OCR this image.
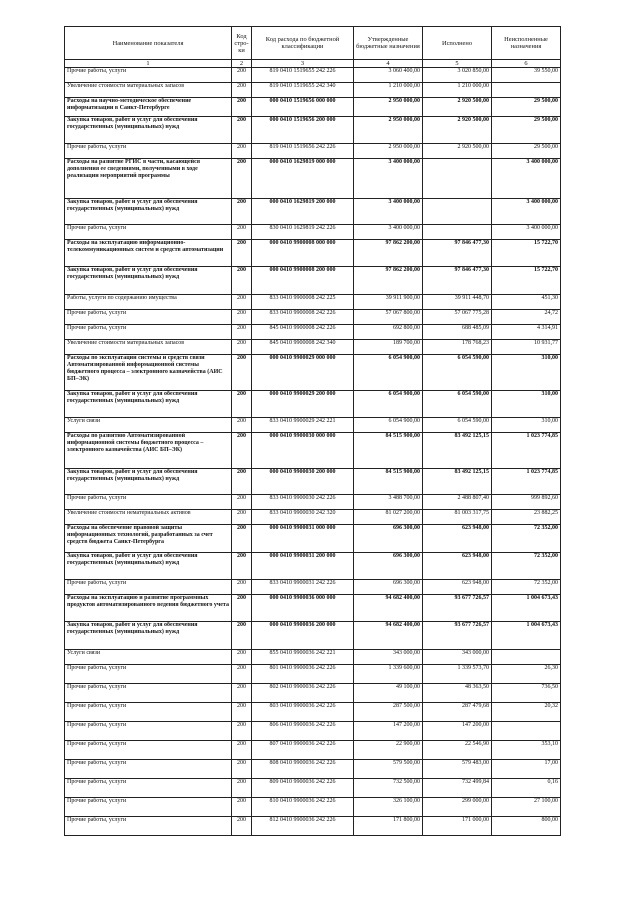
Наименование показателя	Код стро-ки	Код расхода по бюджетной классификации	Утвержденные бюджетные назначения	Исполнено	Неисполненные назначения
1	2	3	4	5	6
Прочие работы, услуги	200	819 0410 1519655 242 226	3 060 400,00	3 020 850,00	39 550,00
Увеличение стоимости материальных запасов	200	819 0410 1519655 242 340	1 210 000,00	1 210 000,00	
Расходы на научно-методическое обеспечение информатизации в Санкт-Петербурге	200	000 0410 1519656 000 000	2 950 000,00	2 920 500,00	29 500,00
Закупка товаров, работ и услуг для обеспечения государственных (муниципальных) нужд	200	000 0410 1519656 200 000	2 950 000,00	2 920 500,00	29 500,00
Прочие работы, услуги	200	819 0410 1519656 242 226	2 950 000,00	2 920 500,00	29 500,00
Расходы на развитие РГИС в части, касающейся дополнения ее сведениями, полученными в ходе реализации мероприятий программы	200	000 0410 1629819 000 000	3 400 000,00		3 400 000,00
Закупка товаров, работ и услуг для обеспечения государственных (муниципальных) нужд	200	000 0410 1629819 200 000	3 400 000,00		3 400 000,00
Прочие работы, услуги	200	830 0410 1629819 242 226	3 400 000,00		3 400 000,00
Расходы на эксплуатацию информационно-телекоммуникационных систем и средств автоматизации	200	000 0410 9900008 000 000	97 862 200,00	97 846 477,30	15 722,70
Закупка товаров, работ и услуг для обеспечения государственных (муниципальных) нужд	200	000 0410 9900008 200 000	97 862 200,00	97 846 477,30	15 722,70
Работы, услуги по содержанию имущества	200	833 0410 9900008 242 225	39 911 900,00	39 911 448,70	451,30
Прочие работы, услуги	200	833 0410 9900008 242 226	57 067 800,00	57 067 775,28	24,72
Прочие работы, услуги	200	845 0410 9900008 242 226	692 800,00	688 485,09	4 314,91
Увеличение стоимости материальных запасов	200	845 0410 9900008 242 340	189 700,00	178 768,23	10 931,77
Расходы по эксплуатации системы и средств связи Автоматизированной информационной системы бюджетного процесса – электронного казначейства (АИС БП–ЭК)	200	000 0410 9900029 000 000	6 054 900,00	6 054 590,00	310,00
Закупка товаров, работ и услуг для обеспечения государственных (муниципальных) нужд	200	000 0410 9900029 200 000	6 054 900,00	6 054 590,00	310,00
Услуги связи	200	833 0410 9900029 242 221	6 054 900,00	6 054 590,00	310,00
Расходы по развитию Автоматизированной информационной системы бюджетного процесса – электронного казначейства (АИС БП–ЭК)	200	000 0410 9900030 000 000	84 515 900,00	83 492 125,15	1 023 774,85
Закупка товаров, работ и услуг для обеспечения государственных (муниципальных) нужд	200	000 0410 9900030 200 000	84 515 900,00	83 492 125,15	1 023 774,85
Прочие работы, услуги	200	833 0410 9900030 242 226	3 488 700,00	2 488 807,40	999 892,60
Увеличение стоимости нематериальных активов	200	833 0410 9900030 242 320	81 027 200,00	81 003 317,75	23 882,25
Расходы на обеспечение правовой защиты информационных технологий, разработанных за счет средств бюджета Санкт-Петербурга	200	000 0410 9900031 000 000	696 300,00	623 948,00	72 352,00
Закупка товаров, работ и услуг для обеспечения государственных (муниципальных) нужд	200	000 0410 9900031 200 000	696 300,00	623 948,00	72 352,00
Прочие работы, услуги	200	833 0410 9900031 242 226	696 300,00	623 948,00	72 352,00
Расходы на эксплуатацию и развитие программных продуктов автоматизированного ведения бюджетного учета	200	000 0410 9900036 000 000	94 682 400,00	93 677 726,57	1 004 673,43
Закупка товаров, работ и услуг для обеспечения государственных (муниципальных) нужд	200	000 0410 9900036 200 000	94 682 400,00	93 677 726,57	1 004 673,43
Услуги связи	200	855 0410 9900036 242 221	343 000,00	343 000,00	
Прочие работы, услуги	200	801 0410 9900036 242 226	1 339 600,00	1 339 573,70	26,30
Прочие работы, услуги	200	802 0410 9900036 242 226	49 100,00	48 363,50	736,50
Прочие работы, услуги	200	803 0410 9900036 242 226	287 500,00	287 479,68	20,32
Прочие работы, услуги	200	806 0410 9900036 242 226	147 200,00	147 200,00	
Прочие работы, услуги	200	807 0410 9900036 242 226	22 900,00	22 546,90	353,10
Прочие работы, услуги	200	808 0410 9900036 242 226	579 500,00	579 483,00	17,00
Прочие работы, услуги	200	809 0410 9900036 242 226	732 500,00	732 499,84	0,16
Прочие работы, услуги	200	810 0410 9900036 242 226	326 100,00	299 000,00	27 100,00
Прочие работы, услуги	200	812 0410 9900036 242 226	171 800,00	171 000,00	800,00
